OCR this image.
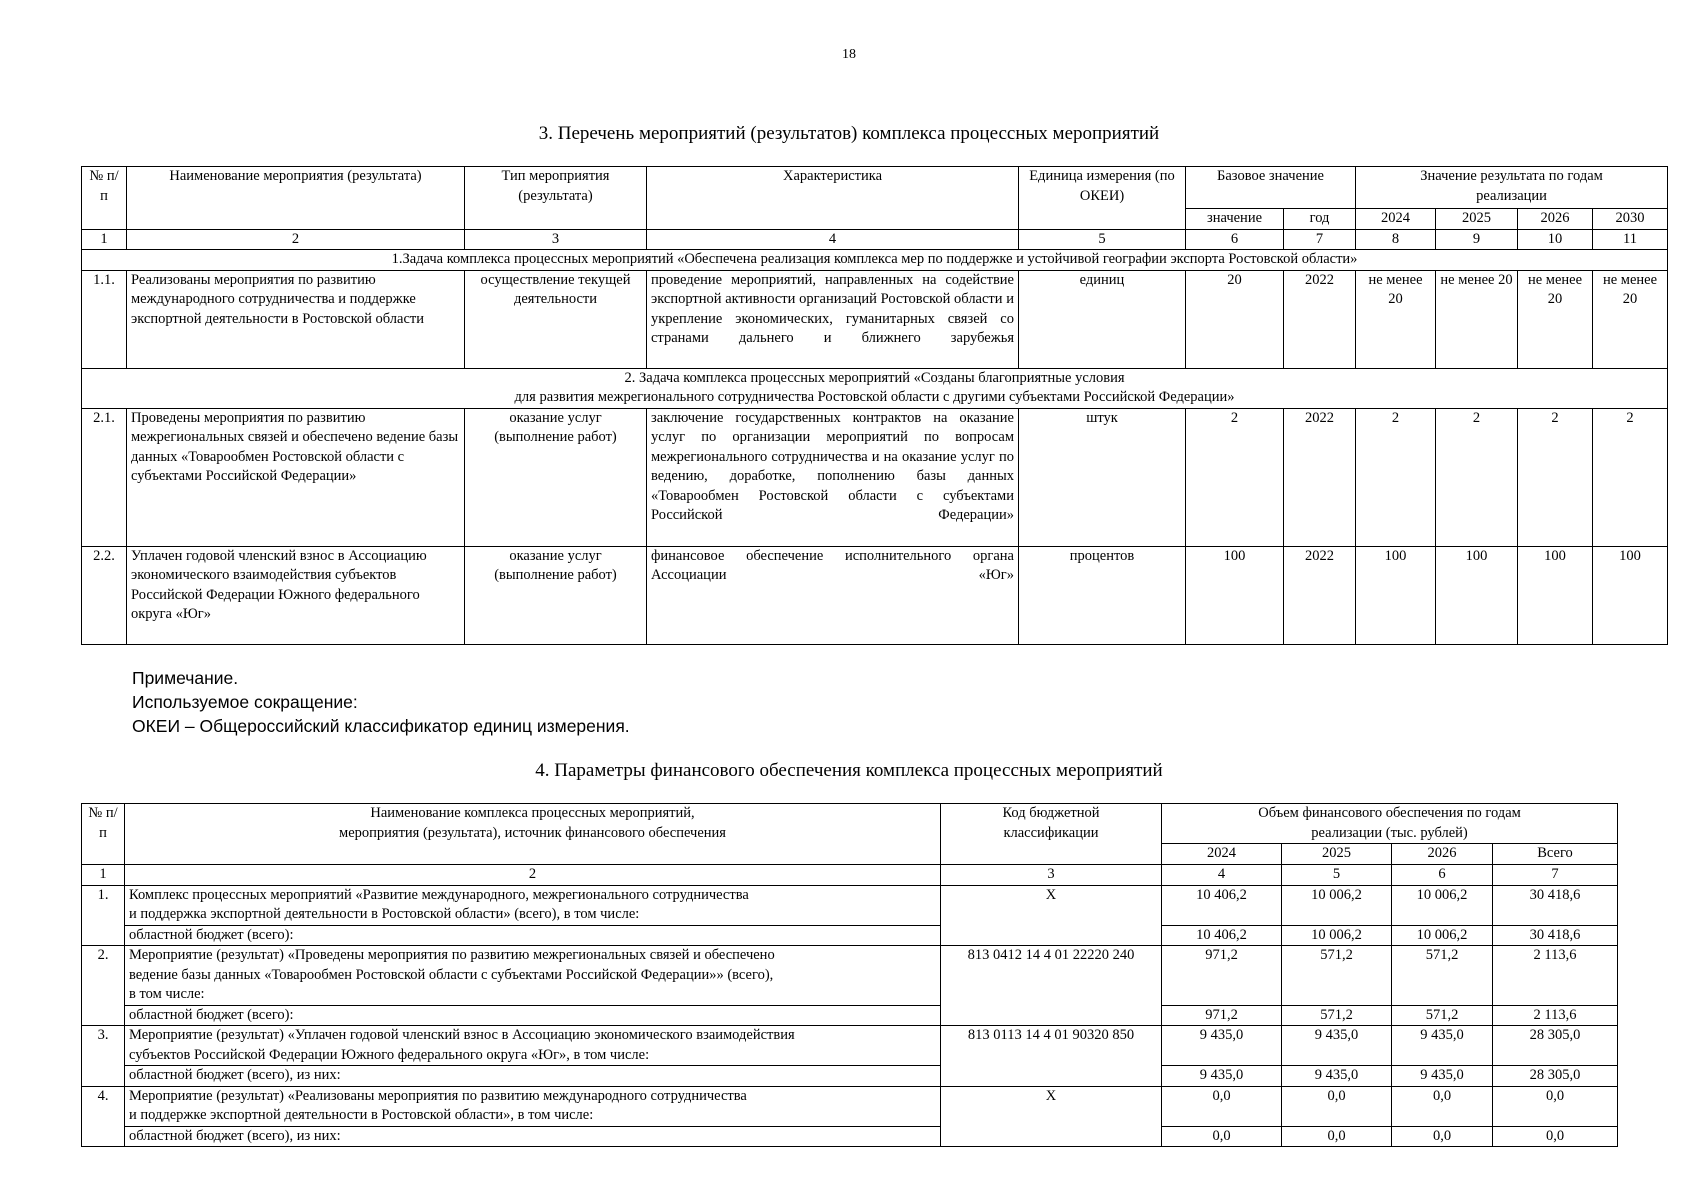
18
3. Перечень мероприятий (результатов) комплекса процессных мероприятий
№ п/п	Наименование мероприятия (результата)	Тип мероприятия (результата)	Характеристика	Единица измерения (по ОКЕИ)	Базовое значение		Значение результата по годам реализации			
					значение	год	2024	2025	2026	2030
1	2	3	4	5	6	7	8	9	10	11
1.Задача комплекса процессных мероприятий «Обеспечена реализация комплекса мер по поддержке и устойчивой географии экспорта Ростовской области»										
1.1.	Реализованы мероприятия по развитию международного сотрудничества и поддержке экспортной деятельности в Ростовской области	осуществление текущей деятельности	проведение мероприятий, направленных на содействие экспортной активности организаций Ростовской области и укрепление экономических, гуманитарных связей со странами дальнего и ближнего зарубежья	единиц	20	2022	не менее 20	не менее 20	не менее 20	не менее 20

2. Задача комплекса процессных мероприятий «Созданы благоприятные условия
для развития межрегионального сотрудничества Ростовской области с другими субъектами Российской Федерации»										

2.1.	Проведены мероприятия по развитию межрегиональных связей и обеспечено ведение базы данных «Товарообмен Ростовской области с субъектами Российской Федерации»	оказание услуг (выполнение работ)	заключение государственных контрактов на оказание услуг по организации мероприятий по вопросам межрегионального сотрудничества и на оказание услуг по ведению, доработке, пополнению базы данных «Товарообмен Ростовской области с субъектами Российской Федерации»	штук	2	2022	2	2	2	2
2.2.	Уплачен годовой членский взнос в Ассоциацию экономического взаимодействия субъектов Российской Федерации Южного федерального округа «Юг»	оказание услуг (выполнение работ)	финансовое обеспечение исполнительного органа Ассоциации «Юг»	процентов	100	2022	100	100	100	100
Примечание.
Используемое сокращение:
ОКЕИ – Общероссийский классификатор единиц измерения.
4. Параметры финансового обеспечения комплекса процессных мероприятий
№ п/п	Наименование комплекса процессных мероприятий,
мероприятия (результата), источник финансового обеспечения	Код бюджетной классификации	Объем финансового обеспечения по годам реализации (тыс. рублей)			
			2024	2025	2026	Всего
1	2	3	4	5	6	7
1.	Комплекс процессных мероприятий «Развитие международного, межрегионального сотрудничества
и поддержка экспортной деятельности в Ростовской области» (всего), в том числе:	X	10 406,2	10 006,2	10 006,2	30 418,6
	областной бюджет (всего):		10 406,2	10 006,2	10 006,2	30 418,6
2.	Мероприятие (результат) «Проведены мероприятия по развитию межрегиональных связей и обеспечено
ведение базы данных «Товарообмен Ростовской области с субъектами Российской Федерации»» (всего),
в том числе:	813 0412 14 4 01 22220 240	971,2	571,2	571,2	2 113,6
	областной бюджет (всего):		971,2	571,2	571,2	2 113,6
3.	Мероприятие (результат) «Уплачен годовой членский взнос в Ассоциацию экономического взаимодействия
субъектов Российской Федерации Южного федерального округа «Юг», в том числе:	813 0113 14 4 01 90320 850	9 435,0	9 435,0	9 435,0	28 305,0
	областной бюджет (всего), из них:		9 435,0	9 435,0	9 435,0	28 305,0
4.	Мероприятие (результат) «Реализованы мероприятия по развитию международного сотрудничества
и поддержке экспортной деятельности в Ростовской области», в том числе:	X	0,0	0,0	0,0	0,0
	областной бюджет (всего), из них:		0,0	0,0	0,0	0,0
